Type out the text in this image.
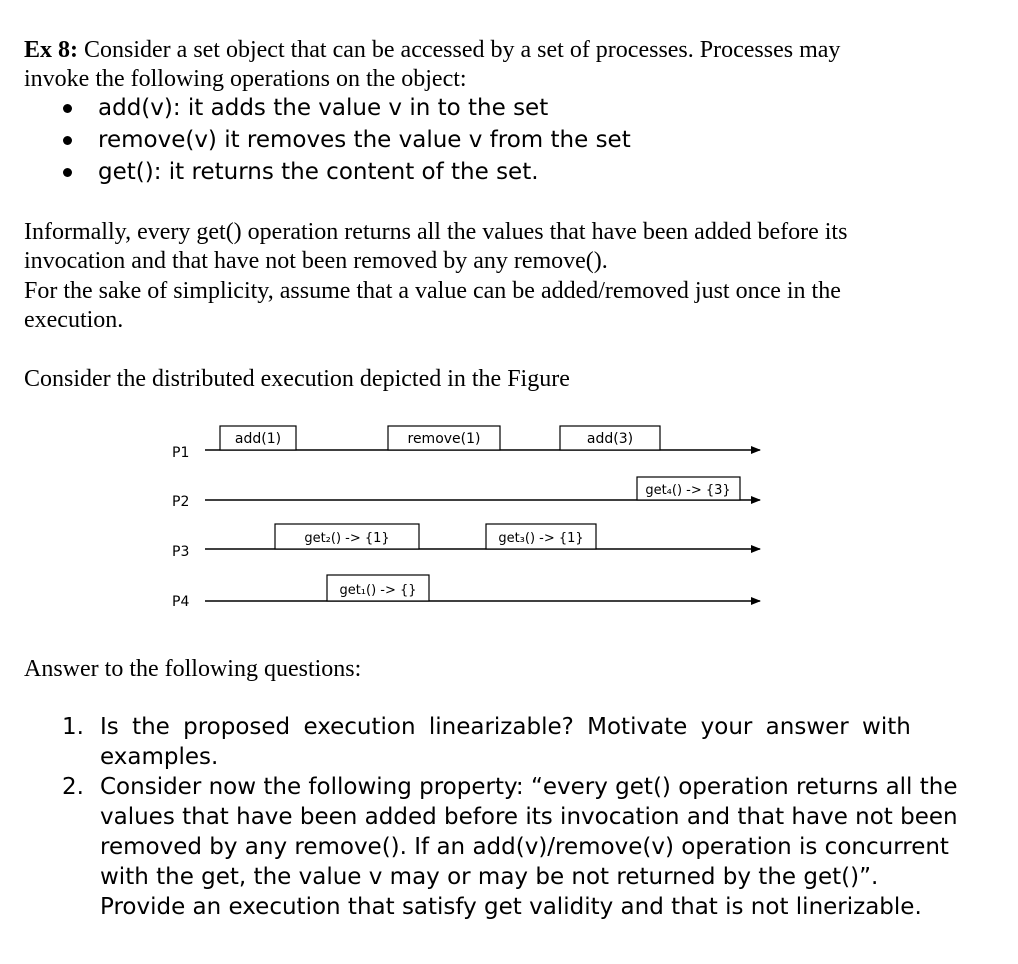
Ex 8: Consider a set object that can be accessed by a set of processes. Processes may
invoke the following operations on the object:
add(v): it adds the value v in to the set
remove(v) it removes the value v from the set
get(): it returns the content of the set.
Informally, every get() operation returns all the values that have been added before its
invocation and that have not been removed by any remove().
For the sake of simplicity, assume that a value can be added/removed just once in the
execution.
Consider the distributed execution depicted in the Figure
P1
P2
P3
P4
add(1)	remove(1)	add(3)
get₄() -> {3}
get₂() -> {1}	get₃() -> {1}
get₁() -> {}
Answer to the following questions:
1. Is the proposed execution linearizable? Motivate your answer with
examples.
2. Consider now the following property: “every get() operation returns all the
values that have been added before its invocation and that have not been
removed by any remove(). If an add(v)/remove(v) operation is concurrent
with the get, the value v may or may be not returned by the get()”.
Provide an execution that satisfy get validity and that is not linerizable.
